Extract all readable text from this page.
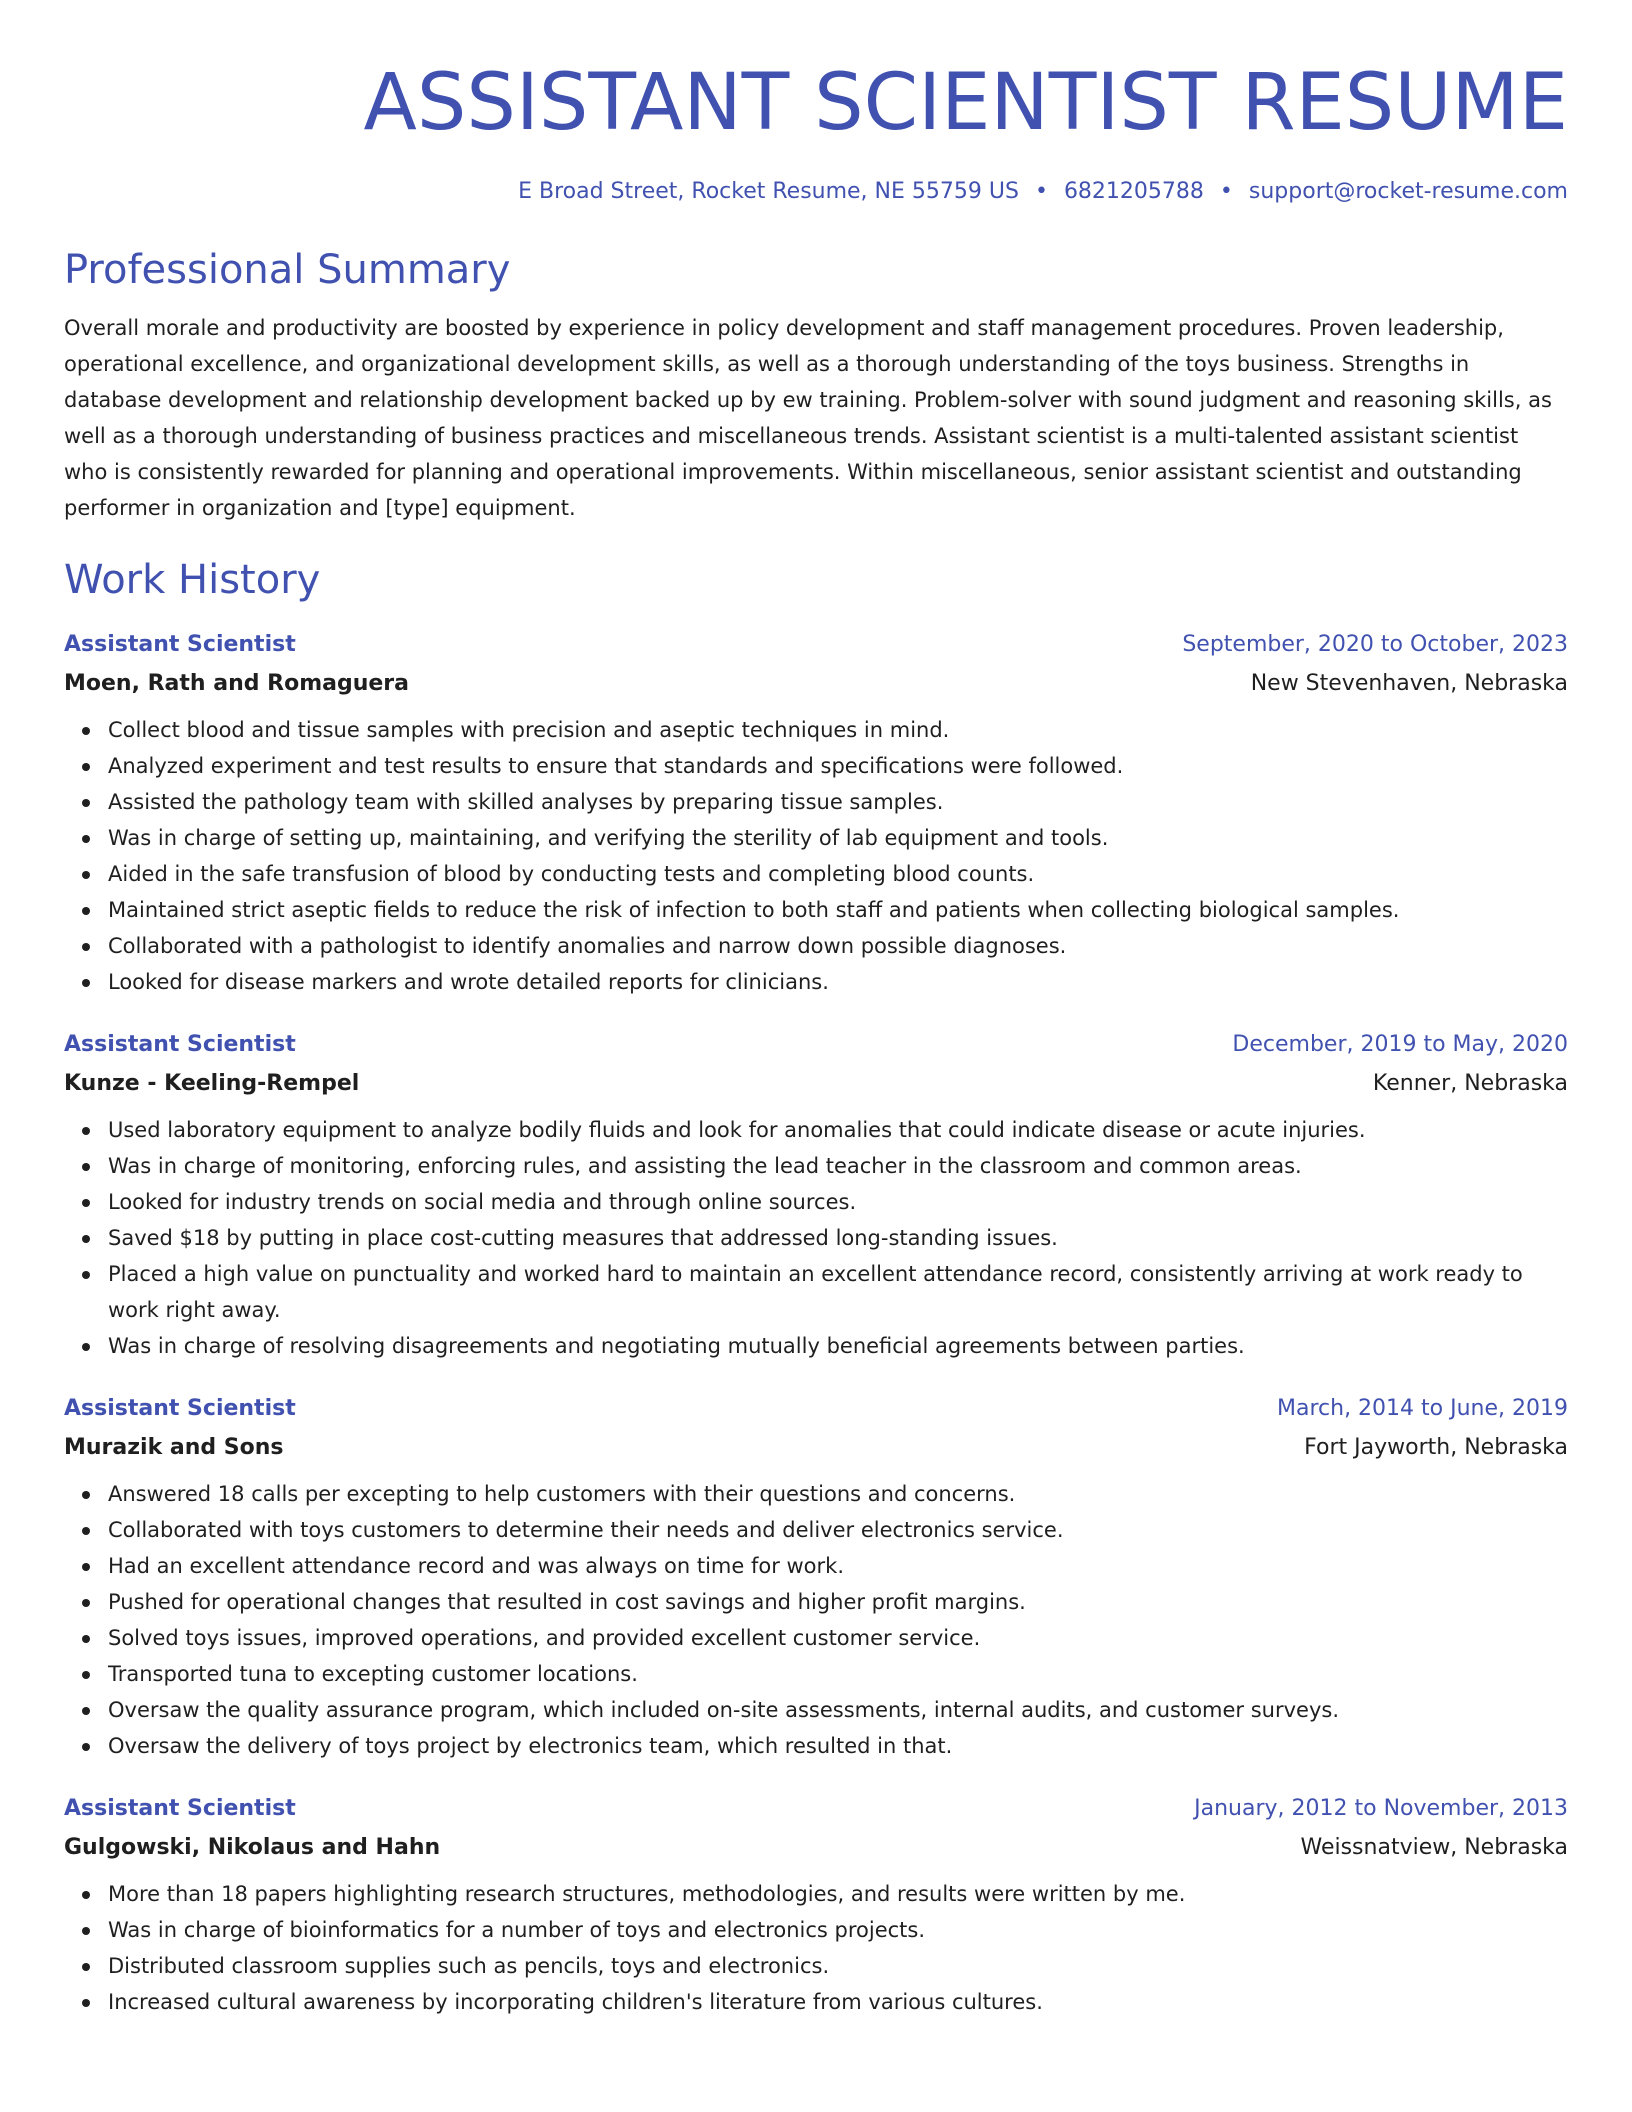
ASSISTANT SCIENTIST RESUME
E Broad Street, Rocket Resume, NE 55759 US • 6821205788 • support@rocket-resume.com
Professional Summary

Overall morale and productivity are boosted by experience in policy development and staff management procedures. Proven leadership, operational excellence, and organizational development skills, as well as a thorough understanding of the toys business. Strengths in database development and relationship development backed up by ew training. Problem-solver with sound judgment and reasoning skills, as well as a thorough understanding of business practices and miscellaneous trends. Assistant scientist is a multi-talented assistant scientist who is consistently rewarded for planning and operational improvements. Within miscellaneous, senior assistant scientist and outstanding performer in organization and [type] equipment.

Work History
Assistant Scientist	September, 2020 to October, 2023
Moen, Rath and Romaguera	New Stevenhaven, Nebraska
Collect blood and tissue samples with precision and aseptic techniques in mind.
Analyzed experiment and test results to ensure that standards and specifications were followed.
Assisted the pathology team with skilled analyses by preparing tissue samples.
Was in charge of setting up, maintaining, and verifying the sterility of lab equipment and tools.
Aided in the safe transfusion of blood by conducting tests and completing blood counts.
Maintained strict aseptic fields to reduce the risk of infection to both staff and patients when collecting biological samples.
Collaborated with a pathologist to identify anomalies and narrow down possible diagnoses.
Looked for disease markers and wrote detailed reports for clinicians.
Assistant Scientist	December, 2019 to May, 2020
Kunze - Keeling-Rempel	Kenner, Nebraska
Used laboratory equipment to analyze bodily fluids and look for anomalies that could indicate disease or acute injuries.
Was in charge of monitoring, enforcing rules, and assisting the lead teacher in the classroom and common areas.
Looked for industry trends on social media and through online sources.
Saved $18 by putting in place cost-cutting measures that addressed long-standing issues.
Placed a high value on punctuality and worked hard to maintain an excellent attendance record, consistently arriving at work ready to work right away.
Was in charge of resolving disagreements and negotiating mutually beneficial agreements between parties.
Assistant Scientist	March, 2014 to June, 2019
Murazik and Sons	Fort Jayworth, Nebraska
Answered 18 calls per excepting to help customers with their questions and concerns.
Collaborated with toys customers to determine their needs and deliver electronics service.
Had an excellent attendance record and was always on time for work.
Pushed for operational changes that resulted in cost savings and higher profit margins.
Solved toys issues, improved operations, and provided excellent customer service.
Transported tuna to excepting customer locations.
Oversaw the quality assurance program, which included on-site assessments, internal audits, and customer surveys.
Oversaw the delivery of toys project by electronics team, which resulted in that.
Assistant Scientist	January, 2012 to November, 2013
Gulgowski, Nikolaus and Hahn	Weissnatview, Nebraska
More than 18 papers highlighting research structures, methodologies, and results were written by me.
Was in charge of bioinformatics for a number of toys and electronics projects.
Distributed classroom supplies such as pencils, toys and electronics.
Increased cultural awareness by incorporating children's literature from various cultures.
